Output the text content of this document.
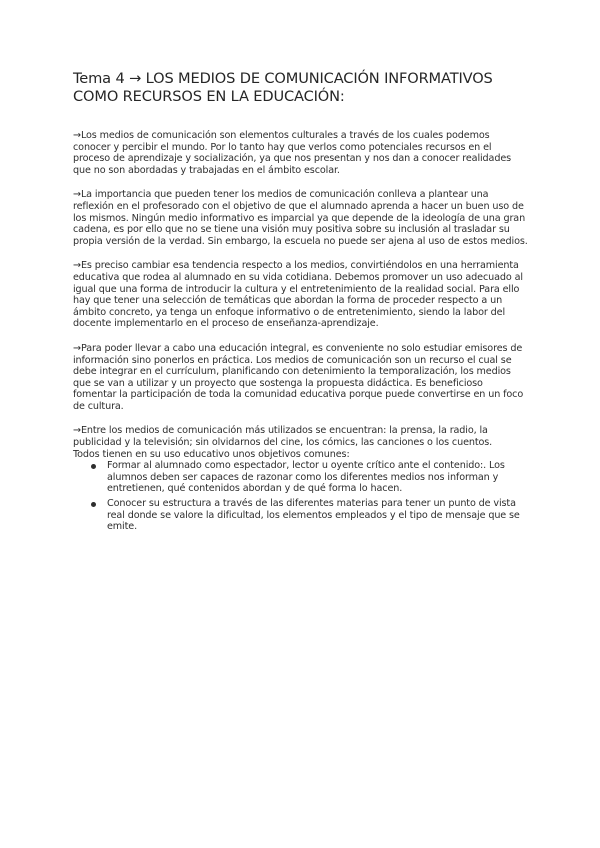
Tema 4 → LOS MEDIOS DE COMUNICACIÓN INFORMATIVOS COMO RECURSOS EN LA EDUCACIÓN:

→Los medios de comunicación son elementos culturales a través de los cuales podemos conocer y percibir el mundo. Por lo tanto hay que verlos como potenciales recursos en el proceso de aprendizaje y socialización, ya que nos presentan y nos dan a conocer realidades que no son abordadas y trabajadas en el ámbito escolar.

→La importancia que pueden tener los medios de comunicación conlleva a plantear una reflexión en el profesorado con el objetivo de que el alumnado aprenda a hacer un buen uso de los mismos. Ningún medio informativo es imparcial ya que depende de la ideología de una gran cadena, es por ello que no se tiene una visión muy positiva sobre su inclusión al trasladar su propia versión de la verdad. Sin embargo, la escuela no puede ser ajena al uso de estos medios.

→Es preciso cambiar esa tendencia respecto a los medios, convirtiéndolos en una herramienta educativa que rodea al alumnado en su vida cotidiana. Debemos promover un uso adecuado al igual que una forma de introducir la cultura y el entretenimiento de la realidad social. Para ello hay que tener una selección de temáticas que abordan la forma de proceder respecto a un ámbito concreto, ya tenga un enfoque informativo o de entretenimiento, siendo la labor del docente implementarlo en el proceso de enseñanza-aprendizaje.

→Para poder llevar a cabo una educación integral, es conveniente no solo estudiar emisores de información sino ponerlos en práctica. Los medios de comunicación son un recurso el cual se debe integrar en el currículum, planificando con detenimiento la temporalización, los medios que se van a utilizar y un proyecto que sostenga la propuesta didáctica. Es beneficioso fomentar la participación de toda la comunidad educativa porque puede convertirse en un foco de cultura.

→Entre los medios de comunicación más utilizados se encuentran: la prensa, la radio, la publicidad y la televisión; sin olvidarnos del cine, los cómics, las canciones o los cuentos.

Todos tienen en su uso educativo unos objetivos comunes:

Formar al alumnado como espectador, lector u oyente crítico ante el contenido:. Los alumnos deben ser capaces de razonar como los diferentes medios nos informan y entretienen, qué contenidos abordan y de qué forma lo hacen.
Conocer su estructura a través de las diferentes materias para tener un punto de vista real donde se valore la dificultad, los elementos empleados y el tipo de mensaje que se emite.
